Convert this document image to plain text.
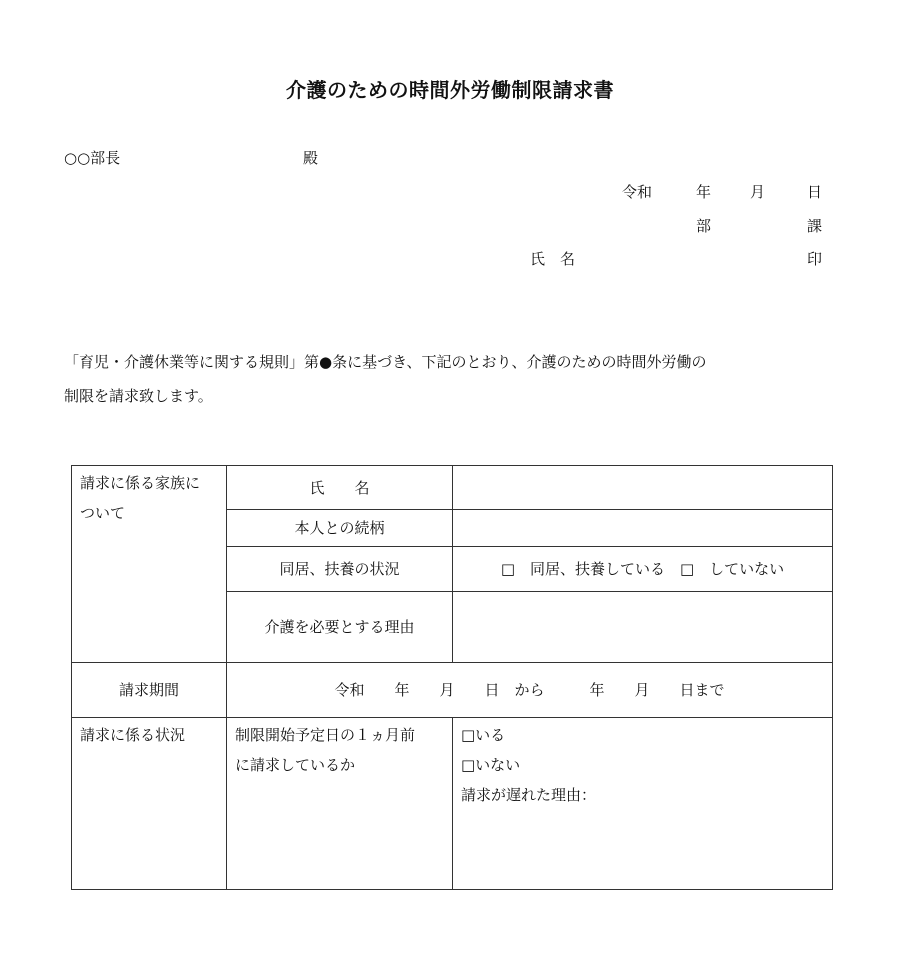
介護のための時間外労働制限請求書
○○部長	殿
令和	年	月	日
部	課
氏　名	印
「育児・介護休業等に関する規則」第●条に基づき、下記のとおり、介護のための時間外労働の
制限を請求致します。
請求に係る家族に
ついて	氏　　名	
	本人との続柄	
	同居、扶養の状況	□　同居、扶養している　□　していない
	介護を必要とする理由	
請求期間	令和　　年　　月　　日　から　　　年　　月　　日まで	
請求に係る状況	制限開始予定日の１ヵ月前
に請求しているか	□いる
□いない
請求が遅れた理由：
